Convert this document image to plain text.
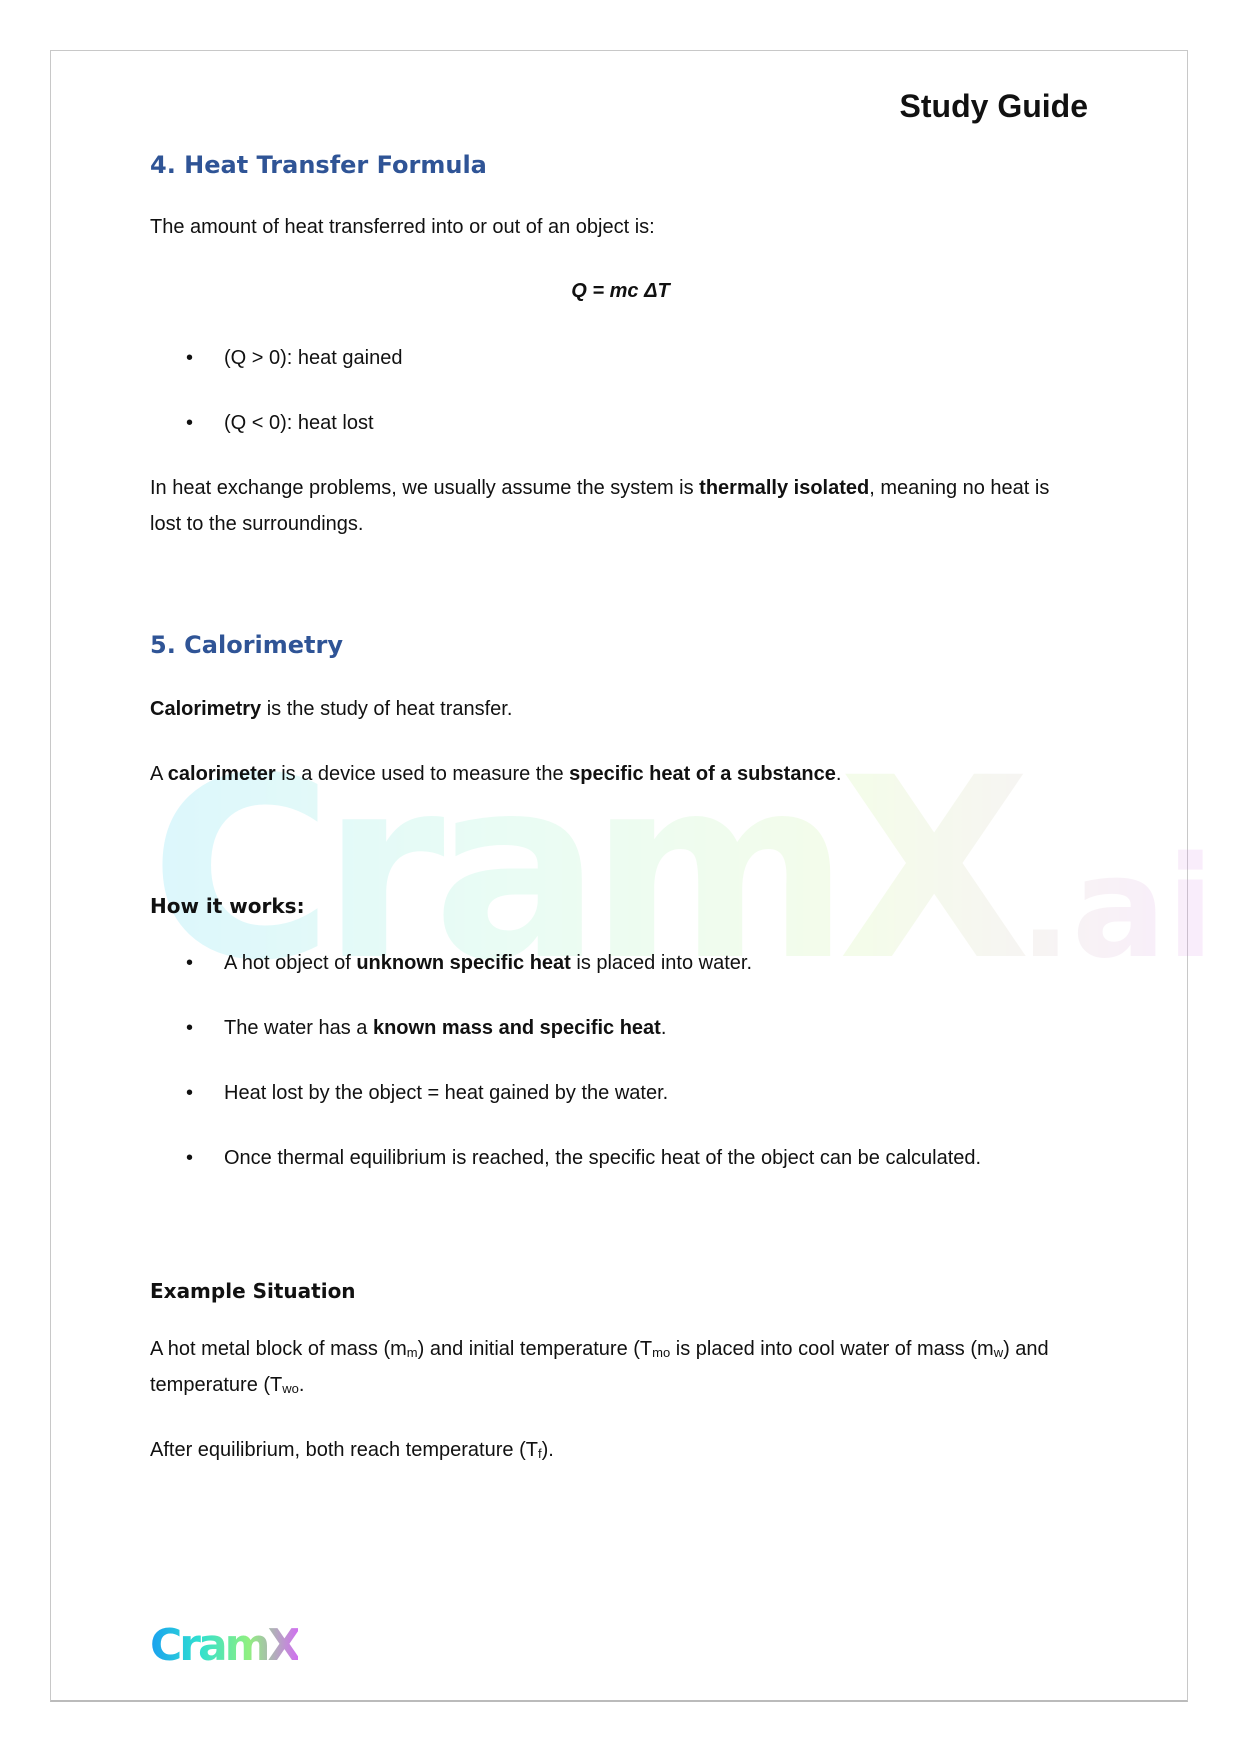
CramX.ai
Study Guide
4. Heat Transfer Formula
The amount of heat transferred into or out of an object is:
Q = mc ΔT
• (Q > 0): heat gained
• (Q < 0): heat lost
In heat exchange problems, we usually assume the system is thermally isolated, meaning no heat is
lost to the surroundings.
5. Calorimetry
Calorimetry is the study of heat transfer.
A calorimeter is a device used to measure the specific heat of a substance.
How it works:
• A hot object of unknown specific heat is placed into water.
• The water has a known mass and specific heat.
• Heat lost by the object = heat gained by the water.
• Once thermal equilibrium is reached, the specific heat of the object can be calculated.
Example Situation
A hot metal block of mass $(m_m)$ and initial temperature ($T_{mo}$ is placed into cool water of mass $(m_w)$ and
temperature ($T_{wo}$.
After equilibrium, both reach temperature $(T_f)$.
CramX
